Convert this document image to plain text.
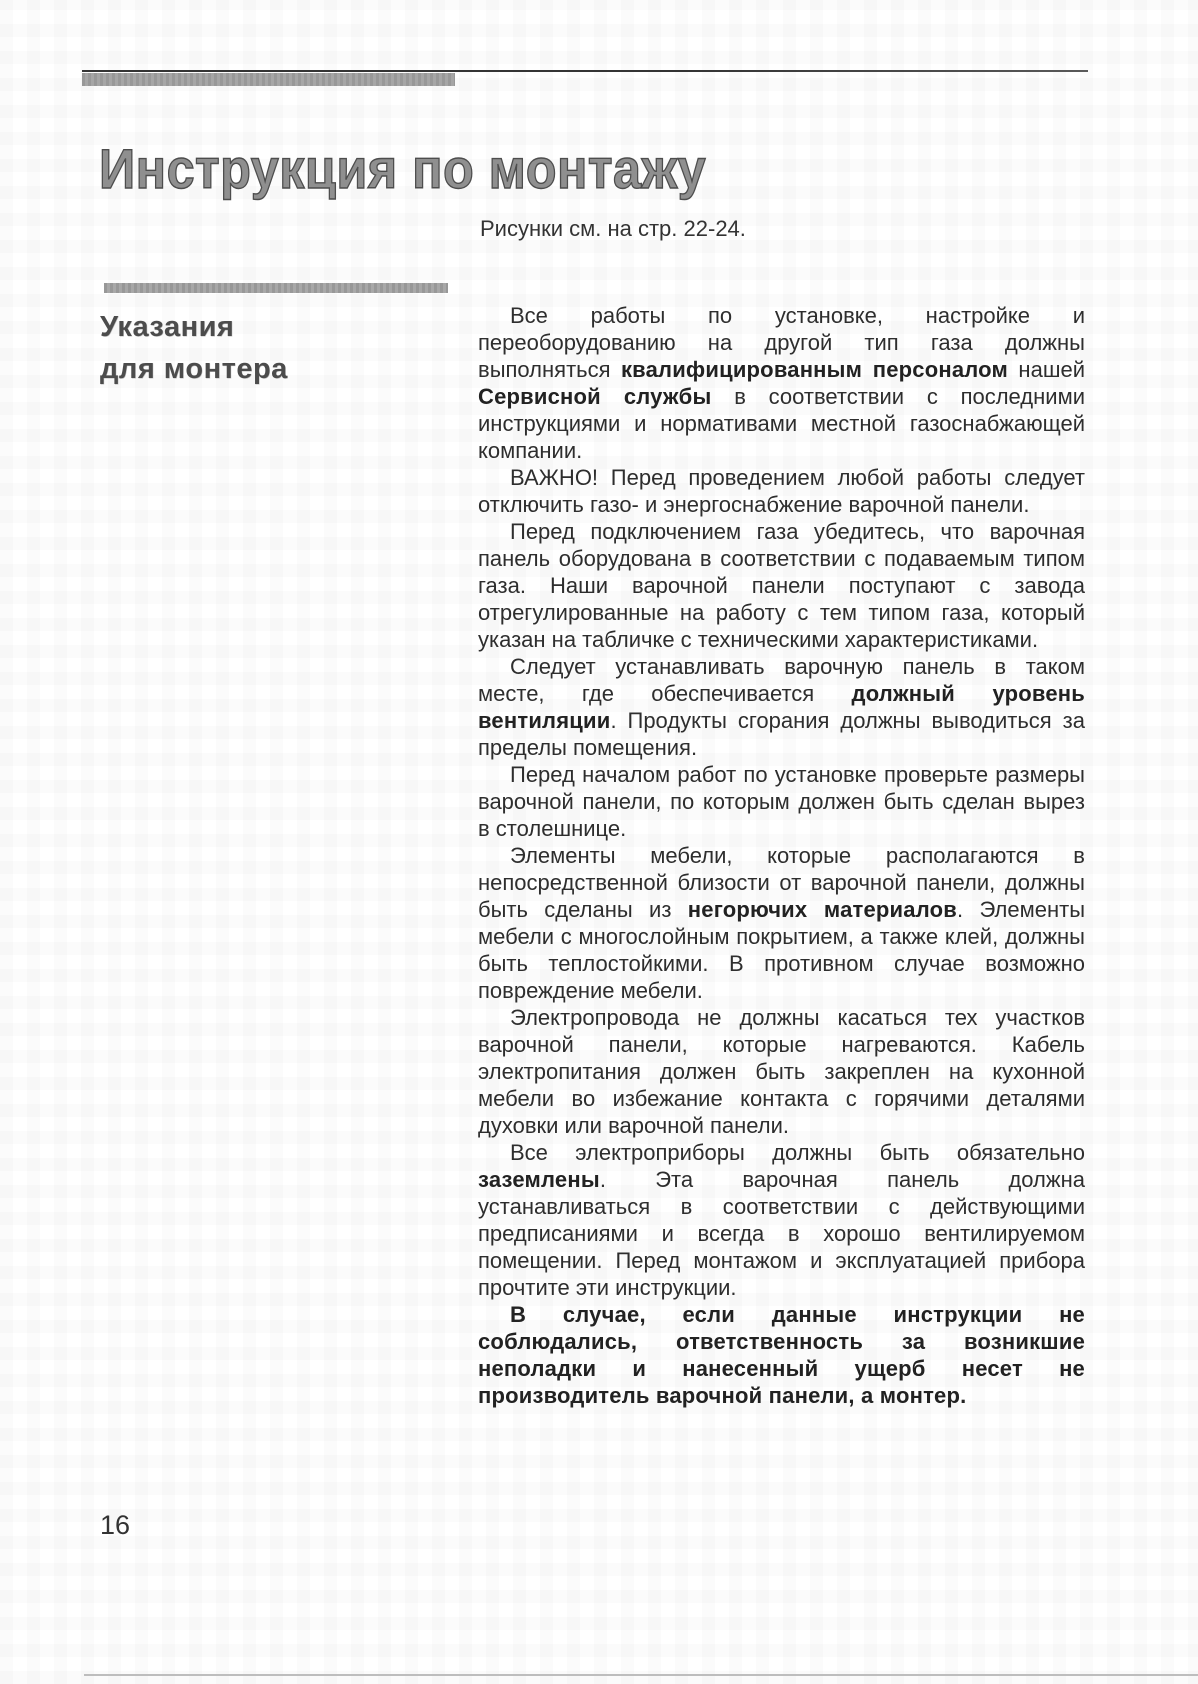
Инструкция по монтажу
Рисунки см. на стр. 22-24.
Указания
для монтера

Все работы по установке, настройке и переоборудованию на другой тип газа должны выполняться квалифицированным персоналом нашей Сервисной службы в соответствии с последними инструкциями и нормативами местной газоснабжающей компании.

ВАЖНО! Перед проведением любой работы следует отключить газо- и энергоснабжение варочной панели.

Перед подключением газа убедитесь, что варочная панель оборудована в соответствии с подаваемым типом газа. Наши варочной панели поступают с завода отрегулированные на работу с тем типом газа, который указан на табличке с техническими характеристиками.

Следует устанавливать варочную панель в таком месте, где обеспечивается должный уровень вентиляции. Продукты сгорания должны выводиться за пределы помещения.

Перед началом работ по установке проверьте размеры варочной панели, по которым должен быть сделан вырез в столешнице.

Элементы мебели, которые располагаются в непосредственной близости от варочной панели, должны быть сделаны из негорючих материалов. Элементы мебели с многослойным покрытием, а также клей, должны быть теплостойкими. В противном случае возможно повреждение мебели.

Электропровода не должны касаться тех участков варочной панели, которые нагреваются. Кабель электропитания должен быть закреплен на кухонной мебели во избежание контакта с горячими деталями духовки или варочной панели.

Все электроприборы должны быть обязательно заземлены. Эта варочная панель должна устанавливаться в соответствии с действующими предписаниями и всегда в хорошо вентилируемом помещении. Перед монтажом и эксплуатацией прибора прочтите эти инструкции.

В случае, если данные инструкции не соблюдались, ответственность за возникшие неполадки и нанесенный ущерб несет не производитель варочной панели, а монтер.

16
